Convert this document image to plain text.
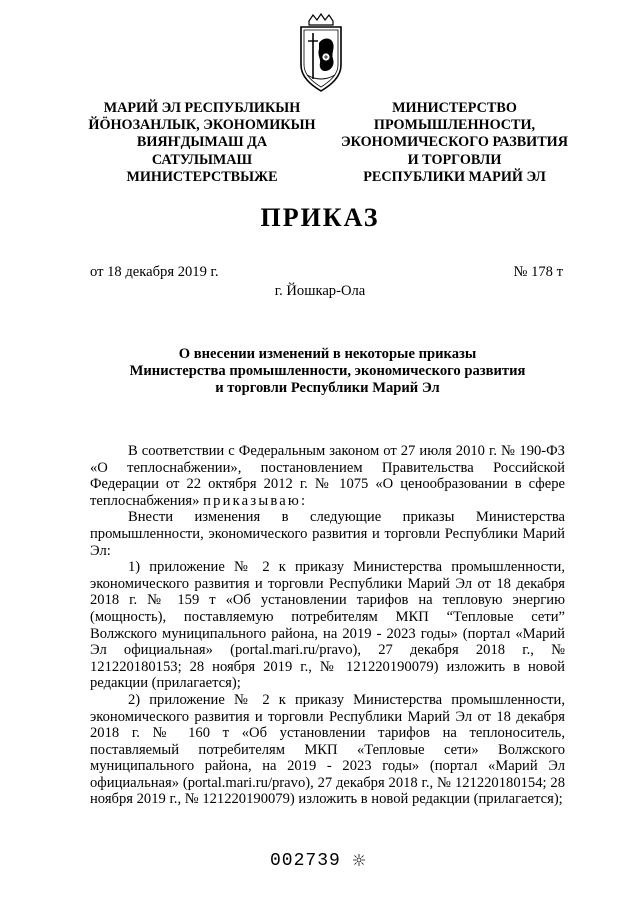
МАРИЙ ЭЛ РЕСПУБЛИКЫН
ЙÖНОЗАНЛЫК, ЭКОНОМИКЫН
ВИЯҤДЫМАШ ДА
САТУЛЫМАШ
МИНИСТЕРСТВЫЖЕ
МИНИСТЕРСТВО
ПРОМЫШЛЕННОСТИ,
ЭКОНОМИЧЕСКОГО РАЗВИТИЯ
И ТОРГОВЛИ
РЕСПУБЛИКИ МАРИЙ ЭЛ
ПРИКАЗ
от 18 декабря 2019 г.	№ 178 т
г. Йошкар-Ола
О внесении изменений в некоторые приказы
Министерства промышленности, экономического развития
и торговли Республики Марий Эл

В соответствии с Федеральным законом от 27 июля 2010 г. № 190-ФЗ «О теплоснабжении», постановлением Правительства Российской Федерации от 22 октября 2012 г. № 1075 «О ценообразовании в сфере теплоснабжения» приказываю:

Внести изменения в следующие приказы Министерства промышленности, экономического развития и торговли Республики Марий Эл:

1) приложение № 2 к приказу Министерства промышленности, экономического развития и торговли Республики Марий Эл от 18 декабря 2018 г. № 159 т «Об установлении тарифов на тепловую энергию (мощность), поставляемую потребителям МКП “Тепловые сети” Волжского муниципального района, на 2019 - 2023 годы» (портал «Марий Эл официальная» (portal.mari.ru/pravo), 27 декабря 2018 г., № 121220180153; 28 ноября 2019 г., № 121220190079) изложить в новой редакции (прилагается);

2) приложение № 2 к приказу Министерства промышленности, экономического развития и торговли Республики Марий Эл от 18 декабря 2018 г. № 160 т «Об установлении тарифов на теплоноситель, поставляемый потребителям МКП «Тепловые сети» Волжского муниципального района, на 2019 - 2023 годы» (портал «Марий Эл официальная» (portal.mari.ru/pravo), 27 декабря 2018 г., № 121220180154; 28 ноября 2019 г., № 121220190079) изложить в новой редакции (прилагается);

002739
